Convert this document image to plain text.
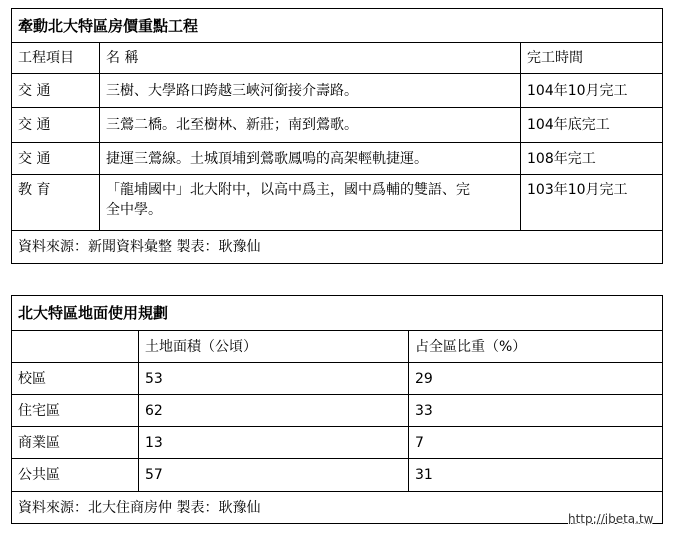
牽動北大特區房價重點工程		
工程項目	名 稱	完工時間
交 通	三樹、大學路口跨越三峽河銜接介壽路。	104年10月完工
交 通	三鶯二橋。北至樹林、新莊；南到鶯歌。	104年底完工
交 通	捷運三鶯線。土城頂埔到鶯歌鳳鳴的高架輕軌捷運。	108年完工
教 育	「龍埔國中」北大附中，以高中爲主，國中爲輔的雙語、完全中學。	103年10月完工
資料來源：新聞資料彙整 製表：耿豫仙		
北大特區地面使用規劃		
	土地面積（公頃）	占全區比重（%）
校區	53	29
住宅區	62	33
商業區	13	7
公共區	57	31
資料來源：北大住商房仲 製表：耿豫仙		
http://ibeta.tw
